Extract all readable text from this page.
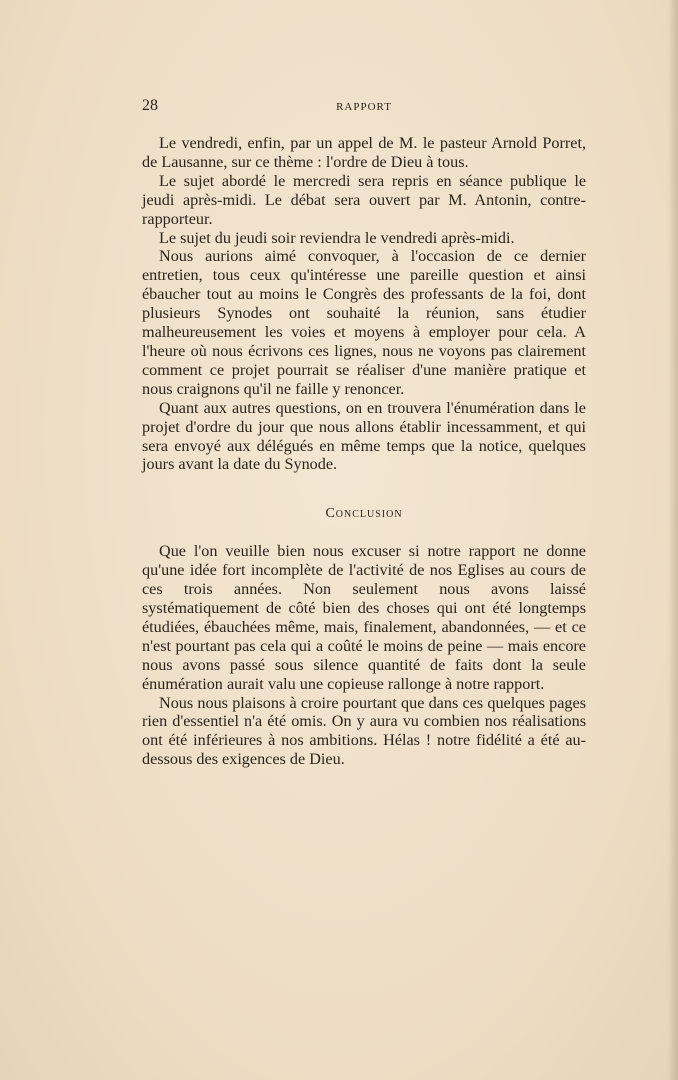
28	RAPPORT

Le vendredi, enfin, par un appel de M. le pasteur Arnold Porret, de Lausanne, sur ce thème : l'ordre de Dieu à tous.

Le sujet abordé le mercredi sera repris en séance publique le jeudi après-midi. Le débat sera ouvert par M. Antonin, contre-rapporteur.

Le sujet du jeudi soir reviendra le vendredi après-midi.

Nous aurions aimé convoquer, à l'occasion de ce dernier entretien, tous ceux qu'intéresse une pareille question et ainsi ébaucher tout au moins le Congrès des professants de la foi, dont plusieurs Synodes ont souhaité la réunion, sans étudier malheureusement les voies et moyens à employer pour cela. A l'heure où nous écrivons ces lignes, nous ne voyons pas clairement comment ce projet pourrait se réaliser d'une manière pratique et nous craignons qu'il ne faille y renoncer.

Quant aux autres questions, on en trouvera l'énumération dans le projet d'ordre du jour que nous allons établir incessamment, et qui sera envoyé aux délégués en même temps que la notice, quelques jours avant la date du Synode.

Conclusion

Que l'on veuille bien nous excuser si notre rapport ne donne qu'une idée fort incomplète de l'activité de nos Eglises au cours de ces trois années. Non seulement nous avons laissé systématiquement de côté bien des choses qui ont été longtemps étudiées, ébauchées même, mais, finalement, abandonnées, — et ce n'est pourtant pas cela qui a coûté le moins de peine — mais encore nous avons passé sous silence quantité de faits dont la seule énumération aurait valu une copieuse rallonge à notre rapport.

Nous nous plaisons à croire pourtant que dans ces quelques pages rien d'essentiel n'a été omis. On y aura vu combien nos réalisations ont été inférieures à nos ambitions. Hélas ! notre fidélité a été au-dessous des exigences de Dieu.
